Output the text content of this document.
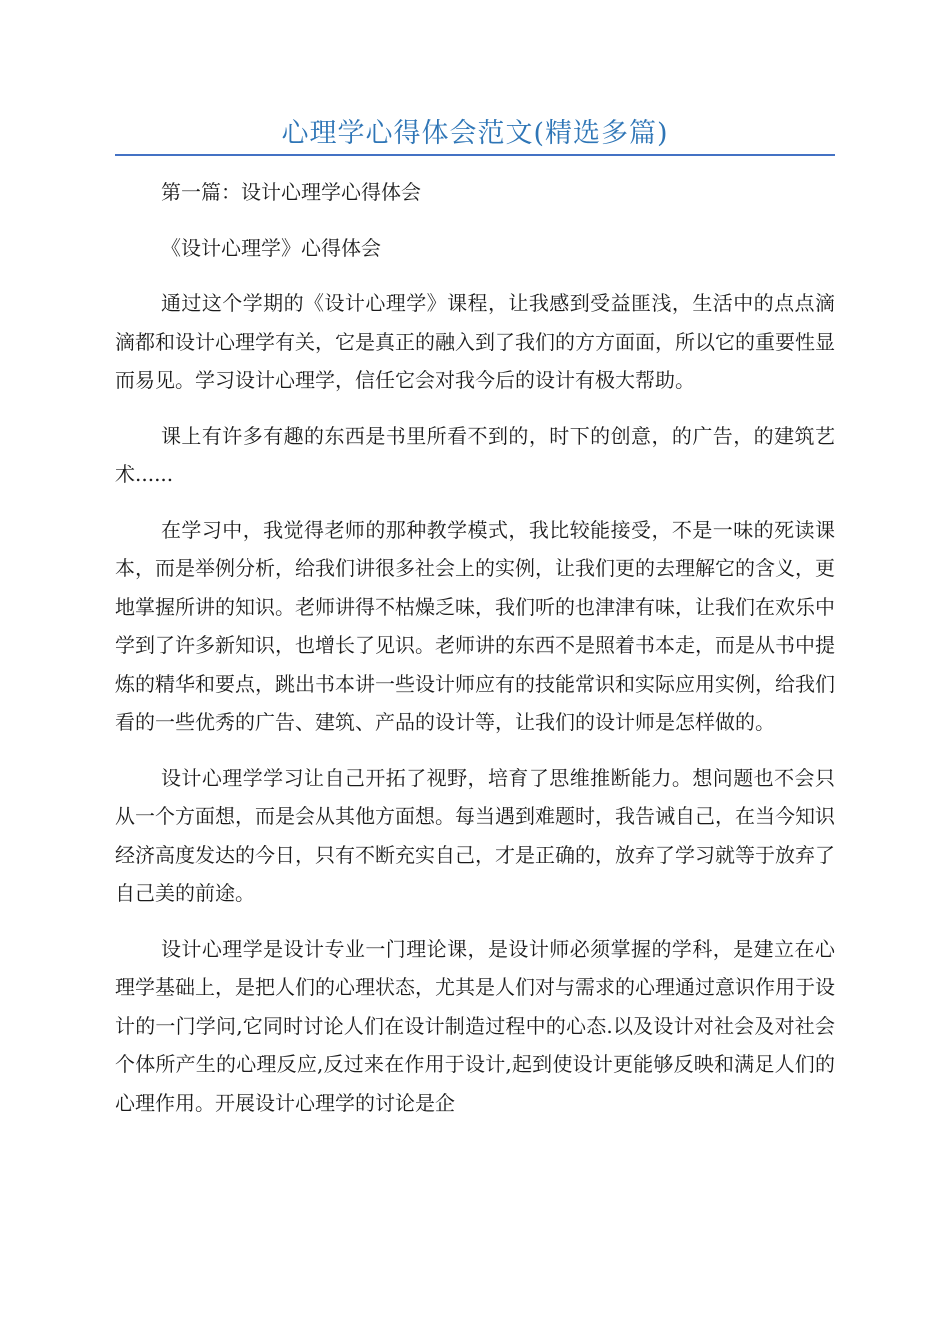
心理学心得体会范文(精选多篇)

第一篇：设计心理学心得体会

《设计心理学》心得体会

通过这个学期的《设计心理学》课程，让我感到受益匪浅，生活中的点点滴滴都和设计心理学有关，它是真正的融入到了我们的方方面面，所以它的重要性显而易见。学习设计心理学，信任它会对我今后的设计有极大帮助。

课上有许多有趣的东西是书里所看不到的，时下的创意，的广告，的建筑艺术......

在学习中，我觉得老师的那种教学模式，我比较能接受，不是一味的死读课本，而是举例分析，给我们讲很多社会上的实例，让我们更的去理解它的含义，更地掌握所讲的知识。老师讲得不枯燥乏味，我们听的也津津有味，让我们在欢乐中学到了许多新知识，也增长了见识。老师讲的东西不是照着书本走，而是从书中提炼的精华和要点，跳出书本讲一些设计师应有的技能常识和实际应用实例，给我们看的一些优秀的广告、建筑、产品的设计等，让我们的设计师是怎样做的。

设计心理学学习让自己开拓了视野，培育了思维推断能力。想问题也不会只从一个方面想，而是会从其他方面想。每当遇到难题时，我告诫自己，在当今知识经济高度发达的今日，只有不断充实自己，才是正确的，放弃了学习就等于放弃了自己美的前途。

设计心理学是设计专业一门理论课，是设计师必须掌握的学科，是建立在心理学基础上，是把人们的心理状态，尤其是人们对与需求的心理通过意识作用于设计的一门学问,它同时讨论人们在设计制造过程中的心态.以及设计对社会及对社会个体所产生的心理反应,反过来在作用于设计,起到使设计更能够反映和满足人们的心理作用。开展设计心理学的讨论是企
